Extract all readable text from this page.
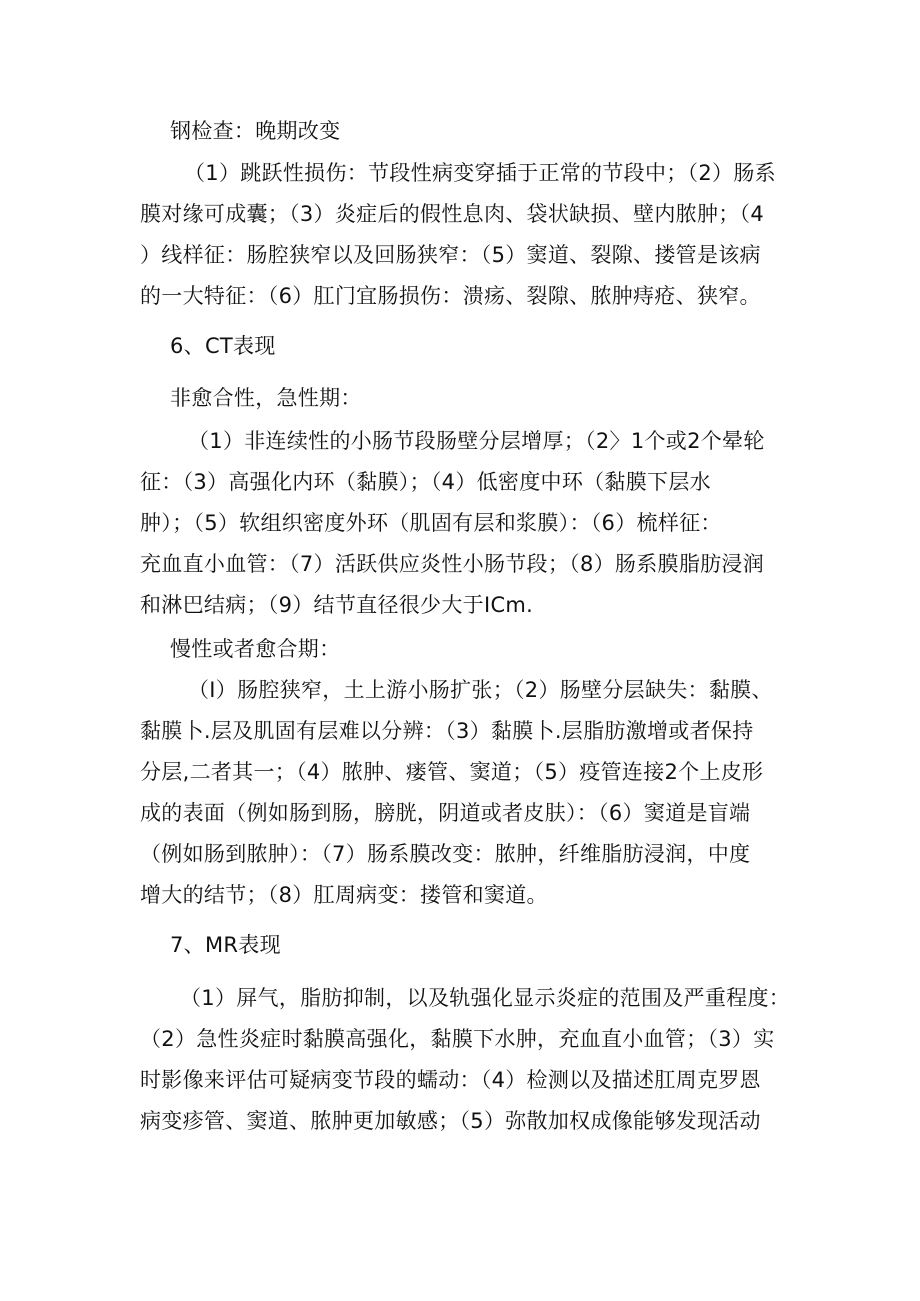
钢检查：晚期改变
（1）跳跃性损伤：节段性病变穿插于正常的节段中；（2）肠系
膜对缘可成囊；（3）炎症后的假性息肉、袋状缺损、壁内脓肿；（4
）线样征：肠腔狭窄以及回肠狭窄：（5）窦道、裂隙、搂管是该病
的一大特征：（6）肛门宜肠损伤：溃疡、裂隙、脓肿痔疮、狭窄。
6、CT表现
非愈合性，急性期：
（1）非连续性的小肠节段肠壁分层增厚；（2〉1个或2个晕轮
征：（3）高强化内环（黏膜）；（4）低密度中环（黏膜下层水
肿）；（5）软组织密度外环（肌固有层和浆膜）：（6）梳样征：
充血直小血管：（7）活跃供应炎性小肠节段；（8）肠系膜脂肪浸润
和淋巴结病；（9）结节直径很少大于ICm.
慢性或者愈合期：
（I）肠腔狭窄，土上游小肠扩张；（2）肠壁分层缺失：黏膜、
黏膜卜.层及肌固有层难以分辨：（3）黏膜卜.层脂肪激增或者保持
分层,二者其一；（4）脓肿、瘘管、窦道；（5）疫管连接2个上皮形
成的表面（例如肠到肠，膀胱，阴道或者皮肤）：（6）窦道是盲端
（例如肠到脓肿）：（7）肠系膜改变：脓肿，纤维脂肪浸润，中度
增大的结节；（8）肛周病变：搂管和窦道。
7、MR表现
（1）屏气，脂肪抑制，以及轨强化显示炎症的范围及严重程度：
（2）急性炎症时黏膜高强化，黏膜下水肿，充血直小血管；（3）实
时影像来评估可疑病变节段的蠕动：（4）检测以及描述肛周克罗恩
病变疹管、窦道、脓肿更加敏感；（5）弥散加权成像能够发现活动
